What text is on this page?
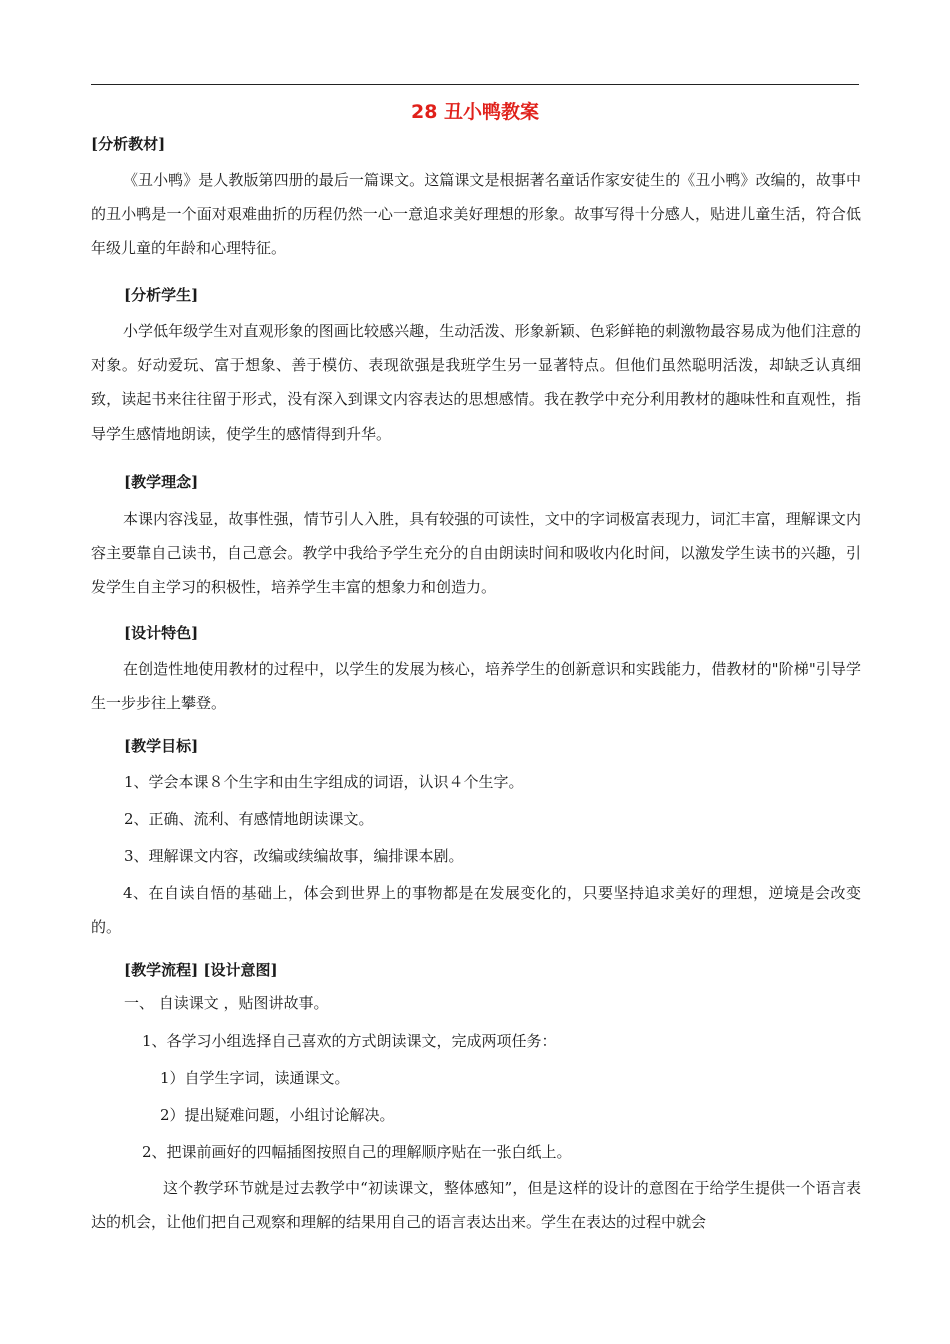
28 丑小鸭教案
[分析教材]
《丑小鸭》是人教版第四册的最后一篇课文。这篇课文是根据著名童话作家安徒生的《丑小鸭》改编的，故事中的丑小鸭是一个面对艰难曲折的历程仍然一心一意追求美好理想的形象。故事写得十分感人，贴进儿童生活，符合低年级儿童的年龄和心理特征。
[分析学生]
小学低年级学生对直观形象的图画比较感兴趣，生动活泼、形象新颖、色彩鲜艳的刺激物最容易成为他们注意的对象。好动爱玩、富于想象、善于模仿、表现欲强是我班学生另一显著特点。但他们虽然聪明活泼，却缺乏认真细致，读起书来往往留于形式，没有深入到课文内容表达的思想感情。我在教学中充分利用教材的趣味性和直观性，指导学生感情地朗读，使学生的感情得到升华。
[教学理念]
本课内容浅显，故事性强，情节引人入胜，具有较强的可读性，文中的字词极富表现力，词汇丰富，理解课文内容主要靠自己读书，自己意会。教学中我给予学生充分的自由朗读时间和吸收内化时间，以激发学生读书的兴趣，引发学生自主学习的积极性，培养学生丰富的想象力和创造力。
[设计特色]
在创造性地使用教材的过程中，以学生的发展为核心，培养学生的创新意识和实践能力，借教材的"阶梯"引导学生一步步往上攀登。
[教学目标]
1、学会本课８个生字和由生字组成的词语，认识４个生字。
2、正确、流利、有感情地朗读课文。
3、理解课文内容，改编或续编故事，编排课本剧。
4、在自读自悟的基础上，体会到世界上的事物都是在发展变化的，只要坚持追求美好的理想，逆境是会改变的。
[教学流程] [设计意图]
一、 自读课文 ，贴图讲故事。
1、各学习小组选择自己喜欢的方式朗读课文，完成两项任务：
1）自学生字词，读通课文。
2）提出疑难问题，小组讨论解决。
2、把课前画好的四幅插图按照自己的理解顺序贴在一张白纸上。
这个教学环节就是过去教学中“初读课文，整体感知”，但是这样的设计的意图在于给学生提供一个语言表达的机会，让他们把自己观察和理解的结果用自己的语言表达出来。学生在表达的过程中就会
